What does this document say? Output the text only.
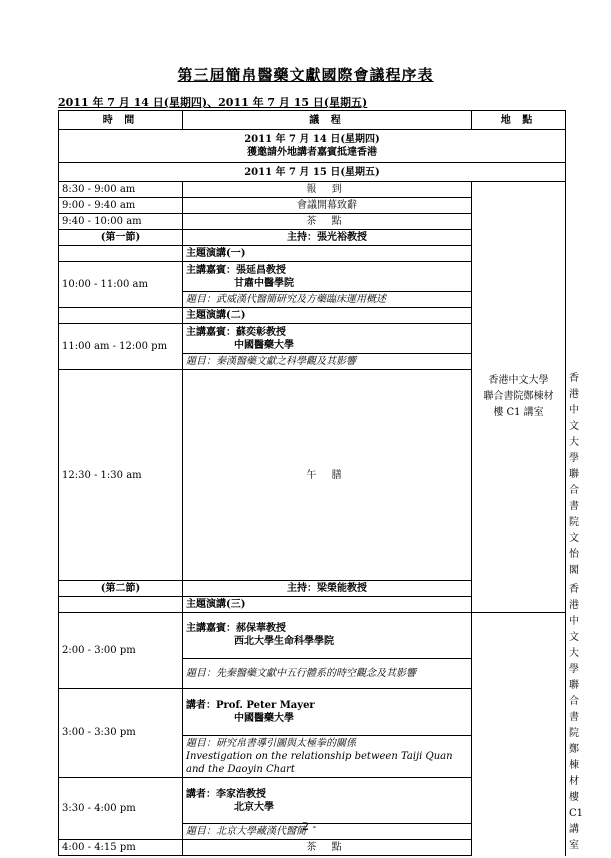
第三屆簡帛醫藥文獻國際會議程序表
2011 年 7 月 14 日(星期四)、2011 年 7 月 15 日(星期五)
時 間	議 程	地 點	

2011 年 7 月 14 日(星期四)
獲邀請外地講者嘉賓抵達香港			

2011 年 7 月 15 日(星期五)			
8:30 - 9:00 am	報 到	香港中文大學
聯合書院鄭棟材
樓 C1 講室	

9:00 - 9:40 am	會議開幕致辭		
9:40 - 10:00 am	茶 點		
(第一節)	主持：張光裕教授		
	主題演講(一)		
10:00 - 11:00 am	主講嘉賓：張延昌教授
甘肅中醫學院		

	題目：武威漢代醫簡研究及方藥臨床運用概述		
	主題演講(二)		
11:00 am - 12:00 pm	主講嘉賓：蘇奕彰教授
中國醫藥大學		

	題目：秦漢醫藥文獻之科學觀及其影響		
12:30 - 1:30 am	午 膳		香港中文大學
聯合書院文怡閣

(第二節)	主持：梁榮能教授		香港中文大學
聯合書院鄭棟材
樓 C1 講室

	主題演講(三)		
2:00 - 3:00 pm	主講嘉賓：郝保華教授
西北大學生命科學學院		

	題目：先秦醫藥文獻中五行體系的時空觀念及其影響		
3:00 - 3:30 pm	講者：Prof. Peter Mayer
中國醫藥大學		

	題目：研究帛書導引圖與太極拳的關係
Investigation on the relationship between Taiji Quan and the Daoyin Chart		

3:30 - 4:00 pm	講者：李家浩教授
北京大學		

	題目：北京大學藏漢代醫簡		
4:00 - 4:15 pm	茶 點		
- 2 -
